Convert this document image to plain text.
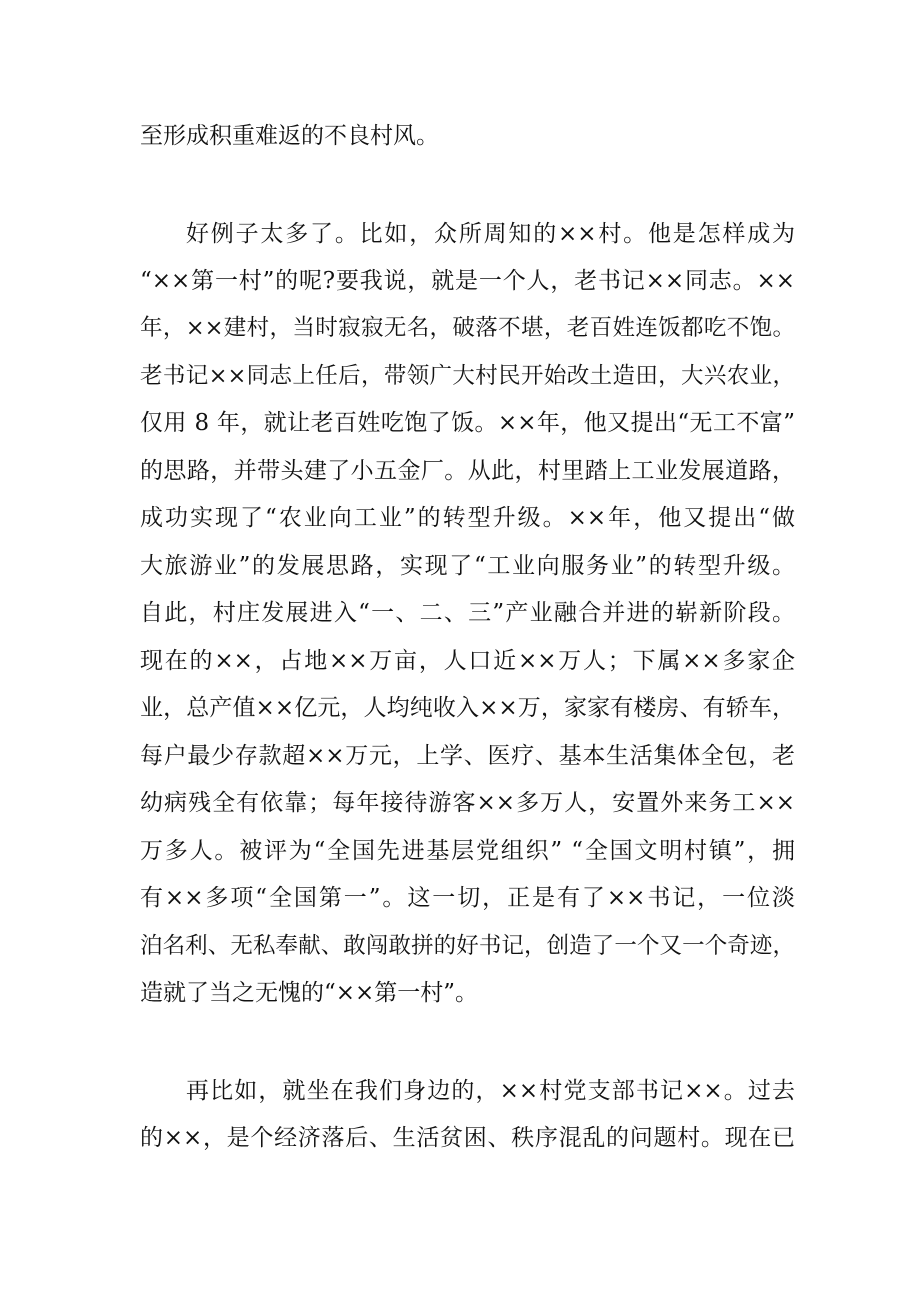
至形成积重难返的不良村风。
好例子太多了。比如，众所周知的××村。他是怎样成为
“××第一村”的呢?要我说，就是一个人，老书记××同志。××
年，××建村，当时寂寂无名，破落不堪，老百姓连饭都吃不饱。
老书记××同志上任后，带领广大村民开始改土造田，大兴农业，
仅用 8 年，就让老百姓吃饱了饭。××年，他又提出“无工不富”
的思路，并带头建了小五金厂。从此，村里踏上工业发展道路，
成功实现了“农业向工业”的转型升级。××年，他又提出“做
大旅游业”的发展思路，实现了“工业向服务业”的转型升级。
自此，村庄发展进入“一、二、三”产业融合并进的崭新阶段。
现在的××，占地××万亩，人口近××万人；下属××多家企
业，总产值××亿元，人均纯收入××万，家家有楼房、有轿车，
每户最少存款超××万元，上学、医疗、基本生活集体全包，老
幼病残全有依靠；每年接待游客××多万人，安置外来务工××
万多人。被评为“全国先进基层党组织” “全国文明村镇”，拥
有××多项“全国第一”。这一切，正是有了××书记，一位淡
泊名利、无私奉献、敢闯敢拼的好书记，创造了一个又一个奇迹，
造就了当之无愧的“××第一村”。
再比如，就坐在我们身边的，××村党支部书记××。过去
的××，是个经济落后、生活贫困、秩序混乱的问题村。现在已
